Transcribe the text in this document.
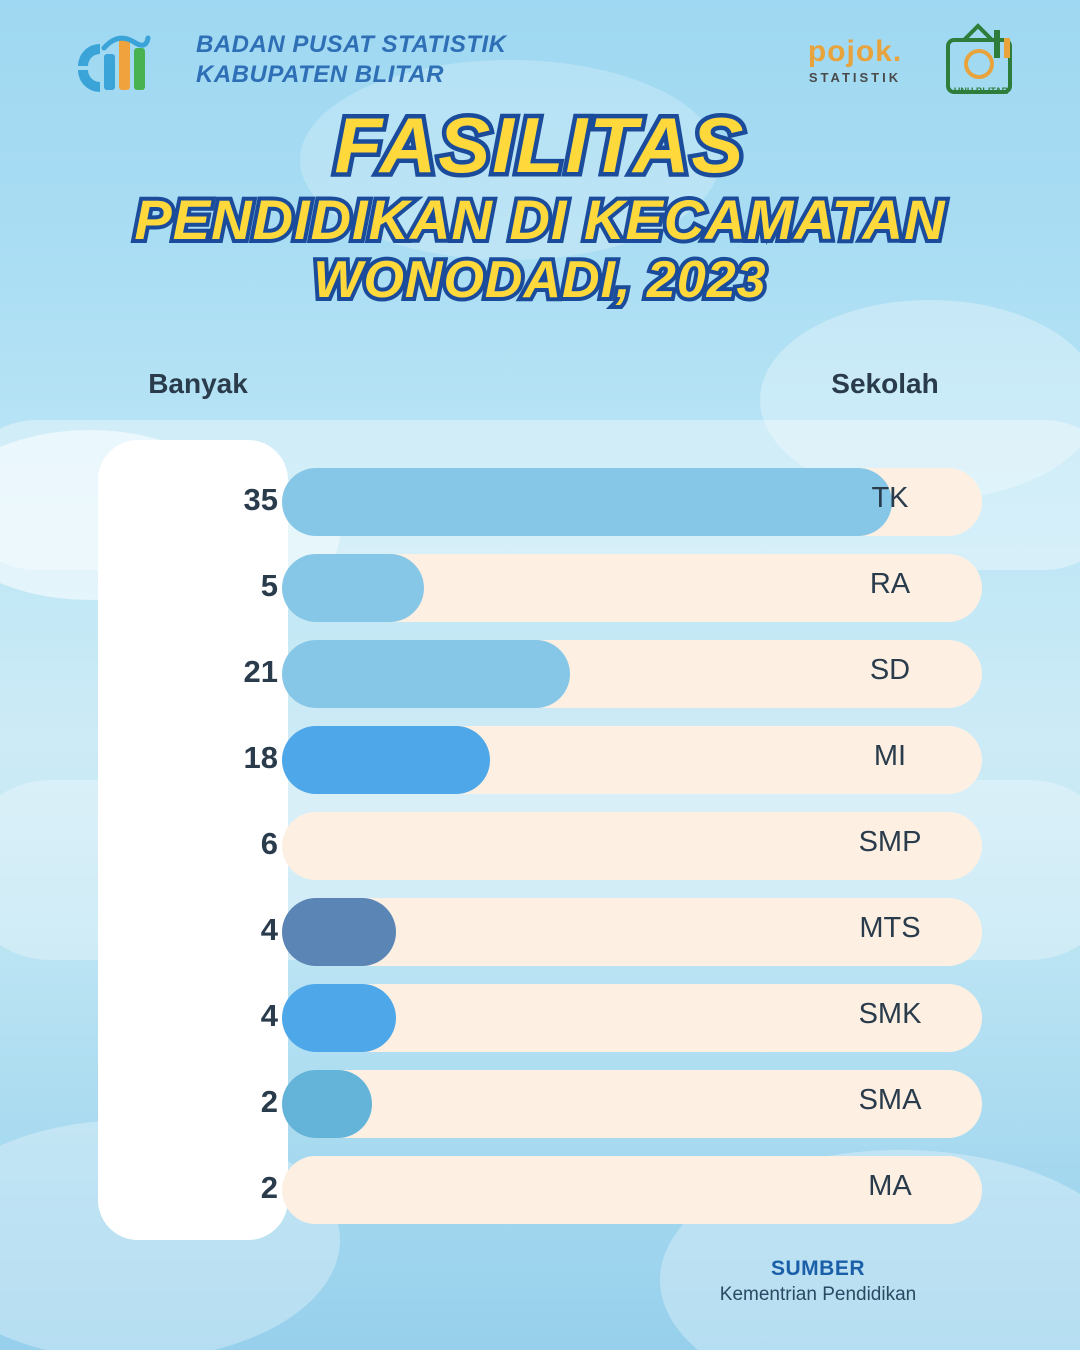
BADAN PUSAT STATISTIK
KABUPATEN BLITAR
pojok.
STATISTIK
UNU BLITAR
FASILITAS
PENDIDIKAN DI KECAMATAN
WONODADI, 2023
Banyak	Sekolah
35	TK
5	RA
21	SD
18	MI
6	SMP
4	MTS
4	SMK
2	SMA
2	MA
SUMBER
Kementrian Pendidikan
